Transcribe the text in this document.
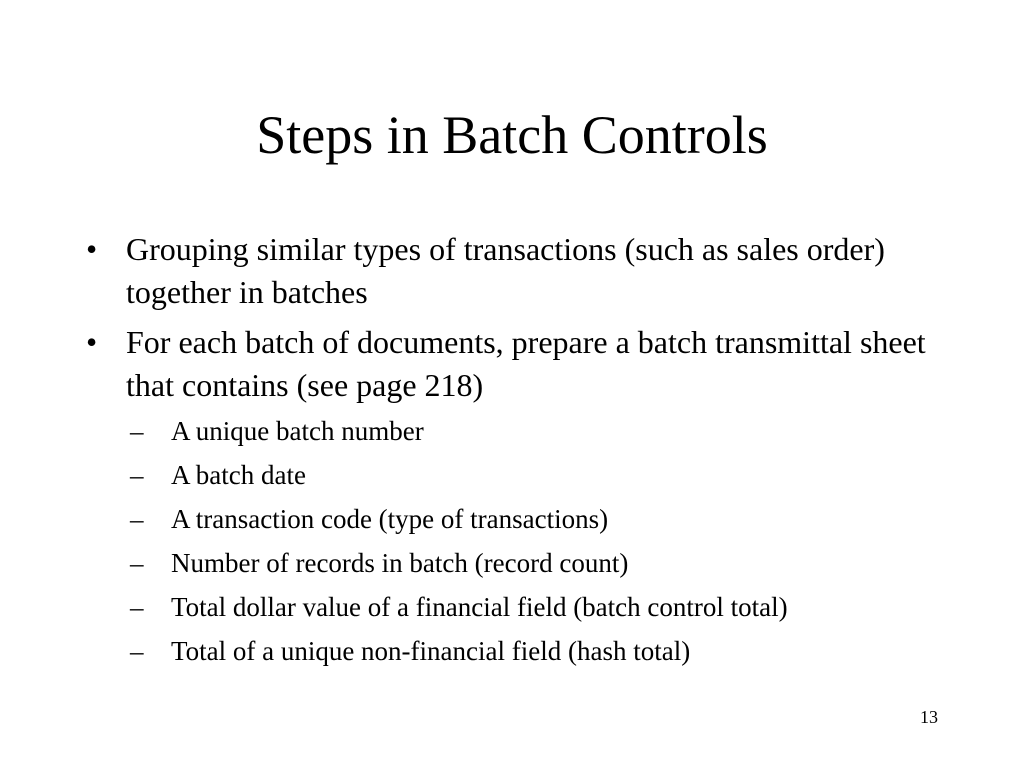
Steps in Batch Controls
• Grouping similar types of transactions (such as sales order) together in batches
• For each batch of documents, prepare a batch transmittal sheet that contains (see page 218)
– A unique batch number
– A batch date
– A transaction code (type of transactions)
– Number of records in batch (record count)
– Total dollar value of a financial field (batch control total)
– Total of a unique non-financial field (hash total)
13
